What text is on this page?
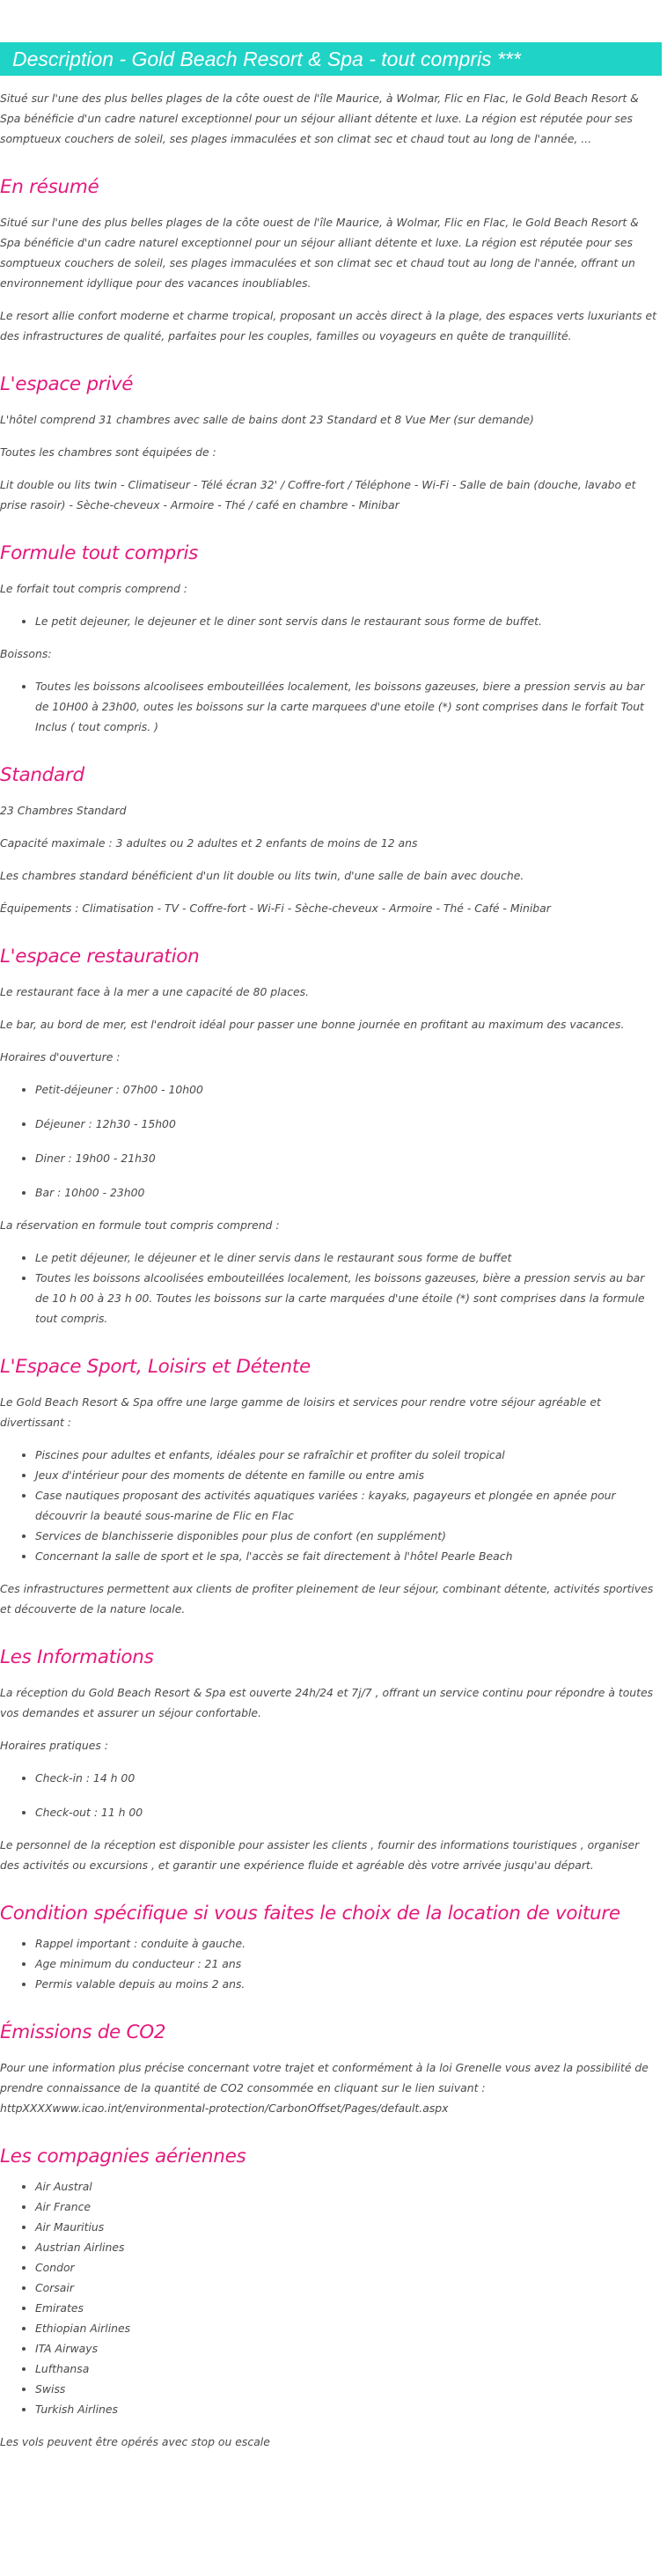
Description - Gold Beach Resort & Spa - tout compris ***

Situé sur l'une des plus belles plages de la côte ouest de l'île Maurice, à Wolmar, Flic en Flac, le Gold Beach Resort & Spa bénéficie d'un cadre naturel exceptionnel pour un séjour alliant détente et luxe. La région est réputée pour ses somptueux couchers de soleil, ses plages immaculées et son climat sec et chaud tout au long de l'année, ...

En résumé

Situé sur l'une des plus belles plages de la côte ouest de l'île Maurice, à Wolmar, Flic en Flac, le Gold Beach Resort & Spa bénéficie d'un cadre naturel exceptionnel pour un séjour alliant détente et luxe. La région est réputée pour ses somptueux couchers de soleil, ses plages immaculées et son climat sec et chaud tout au long de l'année, offrant un environnement idyllique pour des vacances inoubliables.

Le resort allie confort moderne et charme tropical, proposant un accès direct à la plage, des espaces verts luxuriants et des infrastructures de qualité, parfaites pour les couples, familles ou voyageurs en quête de tranquillité.

L'espace privé

L'hôtel comprend 31 chambres avec salle de bains dont 23 Standard et 8 Vue Mer (sur demande)

Toutes les chambres sont équipées de :

Lit double ou lits twin - Climatiseur - Télé écran 32' / Coffre-fort / Téléphone - Wi-Fi - Salle de bain (douche, lavabo et prise rasoir) - Sèche-cheveux - Armoire - Thé / café en chambre - Minibar

Formule tout compris

Le forfait tout compris comprend :

• Le petit dejeuner, le dejeuner et le diner sont servis dans le restaurant sous forme de buffet.

Boissons:

• Toutes les boissons alcoolisees embouteillées localement, les boissons gazeuses, biere a pression servis au bar de 10H00 à 23h00, outes les boissons sur la carte marquees d'une etoile (*) sont comprises dans le forfait Tout Inclus ( tout compris. )
Standard

23 Chambres Standard

Capacité maximale : 3 adultes ou 2 adultes et 2 enfants de moins de 12 ans

Les chambres standard bénéficient d'un lit double ou lits twin, d'une salle de bain avec douche.

Équipements : Climatisation - TV - Coffre-fort - Wi-Fi - Sèche-cheveux - Armoire - Thé - Café - Minibar

L'espace restauration

Le restaurant face à la mer a une capacité de 80 places.

Le bar, au bord de mer, est l'endroit idéal pour passer une bonne journée en profitant au maximum des vacances.

Horaires d'ouverture :

• Petit-déjeuner : 07h00 - 10h00
• Déjeuner : 12h30 - 15h00
• Diner : 19h00 - 21h30
• Bar : 10h00 - 23h00

La réservation en formule tout compris comprend :

• Le petit déjeuner, le déjeuner et le diner servis dans le restaurant sous forme de buffet
• Toutes les boissons alcoolisées embouteillées localement, les boissons gazeuses, bière a pression servis au bar de 10 h 00 à 23 h 00. Toutes les boissons sur la carte marquées d'une étoile (*) sont comprises dans la formule tout compris.
L'Espace Sport, Loisirs et Détente

Le Gold Beach Resort & Spa offre une large gamme de loisirs et services pour rendre votre séjour agréable et divertissant :

• Piscines pour adultes et enfants, idéales pour se rafraîchir et profiter du soleil tropical
• Jeux d'intérieur pour des moments de détente en famille ou entre amis
• Case nautiques proposant des activités aquatiques variées : kayaks, pagayeurs et plongée en apnée pour découvrir la beauté sous-marine de Flic en Flac
• Services de blanchisserie disponibles pour plus de confort (en supplément)
• Concernant la salle de sport et le spa, l'accès se fait directement à l'hôtel Pearle Beach

Ces infrastructures permettent aux clients de profiter pleinement de leur séjour, combinant détente, activités sportives et découverte de la nature locale.

Les Informations

La réception du Gold Beach Resort & Spa est ouverte 24h/24 et 7j/7 , offrant un service continu pour répondre à toutes vos demandes et assurer un séjour confortable.

Horaires pratiques :

• Check-in : 14 h 00
• Check-out : 11 h 00

Le personnel de la réception est disponible pour assister les clients , fournir des informations touristiques , organiser des activités ou excursions , et garantir une expérience fluide et agréable dès votre arrivée jusqu'au départ.

Condition spécifique si vous faites le choix de la location de voiture
• Rappel important : conduite à gauche.
• Age minimum du conducteur : 21 ans
• Permis valable depuis au moins 2 ans.
Émissions de CO2

Pour une information plus précise concernant votre trajet et conformément à la loi Grenelle vous avez la possibilité de prendre connaissance de la quantité de CO2 consommée en cliquant sur le lien suivant : httpXXXXwww.icao.int/environmental-protection/CarbonOffset/Pages/default.aspx

Les compagnies aériennes
• Air Austral
• Air France
• Air Mauritius
• Austrian Airlines
• Condor
• Corsair
• Emirates
• Ethiopian Airlines
• ITA Airways
• Lufthansa
• Swiss
• Turkish Airlines

Les vols peuvent être opérés avec stop ou escale
